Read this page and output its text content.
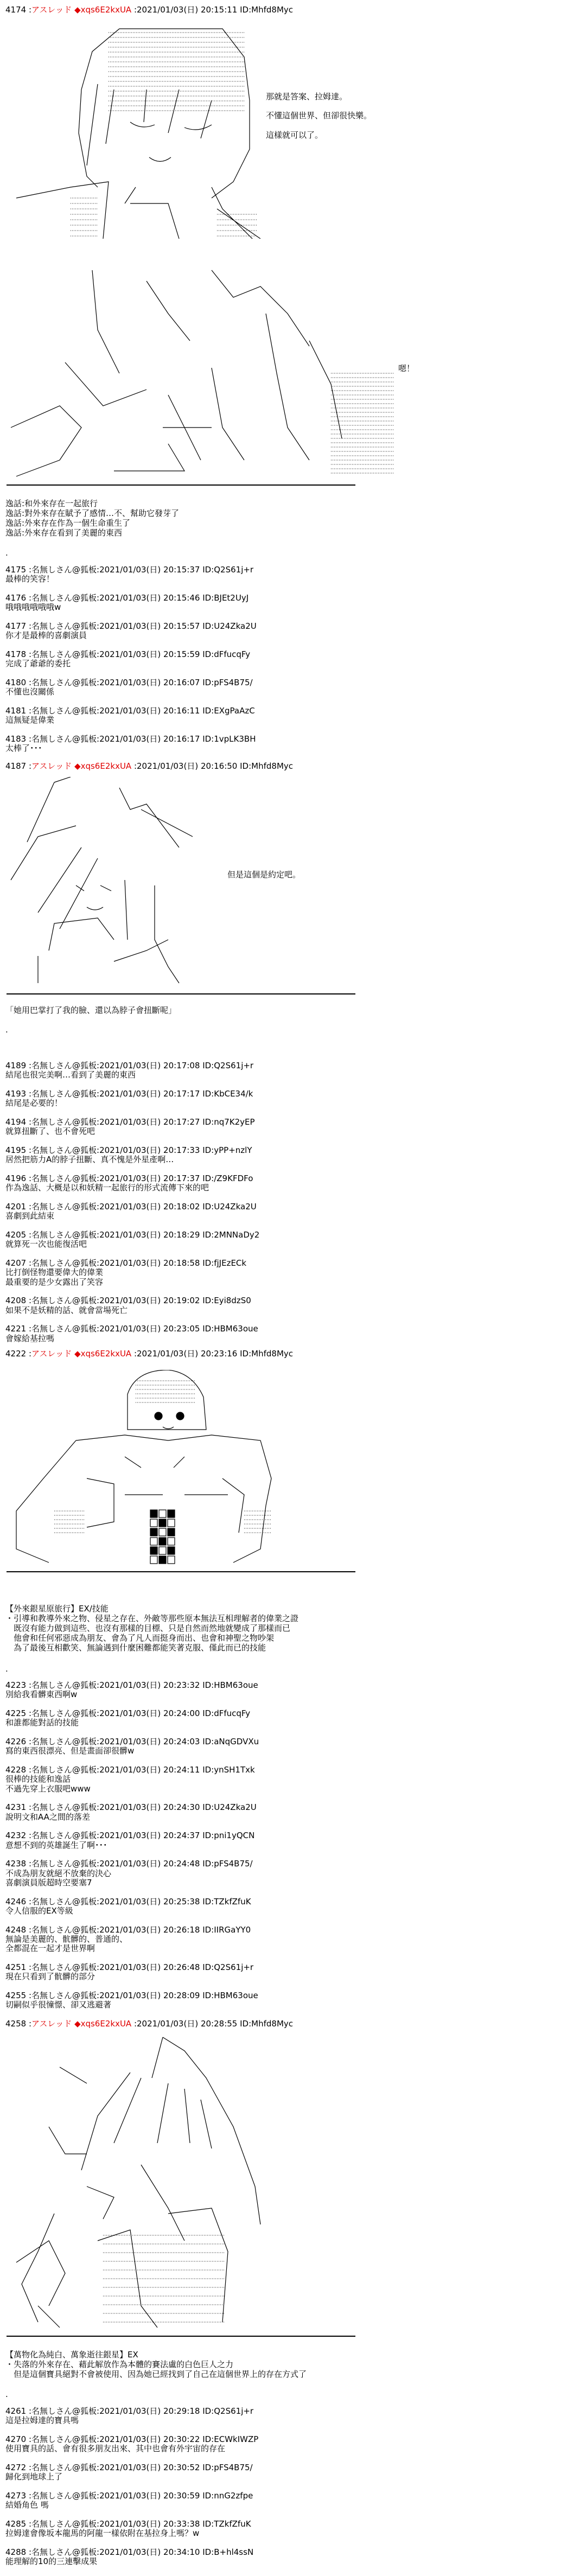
4174 :アスレッド ◆xqs6E2kxUA :2021/01/03(日) 20:15:11 ID:Mhfd8Myc
那就是答案、拉姆達。
不懂這個世界、但卻很快樂。
這樣就可以了。
嗯！
逸話:和外來存在一起旅行
逸話:對外來存在賦予了感情…不、幫助它發芽了
逸話:外來存在作為一個生命重生了
逸話:外來存在看到了美麗的東西
.
4175 :名無しさん@狐板:2021/01/03(日) 20:15:37 ID:Q2S61j+r
最棒的笑容！
4176 :名無しさん@狐板:2021/01/03(日) 20:15:46 ID:BJEt2UyJ
哦哦哦哦哦哦w
4177 :名無しさん@狐板:2021/01/03(日) 20:15:57 ID:U24Zka2U
你才是最棒的喜劇演員
4178 :名無しさん@狐板:2021/01/03(日) 20:15:59 ID:dFfucqFy
完成了爺爺的委托
4180 :名無しさん@狐板:2021/01/03(日) 20:16:07 ID:pFS4B75/
不懂也沒關係
4181 :名無しさん@狐板:2021/01/03(日) 20:16:11 ID:EXgPaAzC
這無疑是偉業
4183 :名無しさん@狐板:2021/01/03(日) 20:16:17 ID:1vpLK3BH
太棒了･･･
4187 :アスレッド ◆xqs6E2kxUA :2021/01/03(日) 20:16:50 ID:Mhfd8Myc
但是這個是約定吧。
「她用巴掌打了我的臉、還以為脖子會扭斷呢」
.
4189 :名無しさん@狐板:2021/01/03(日) 20:17:08 ID:Q2S61j+r
結尾也很完美啊…看到了美麗的東西
4193 :名無しさん@狐板:2021/01/03(日) 20:17:17 ID:KbCE34/k
結尾是必要的！
4194 :名無しさん@狐板:2021/01/03(日) 20:17:27 ID:nq7K2yEP
就算扭斷了、也不會死吧
4195 :名無しさん@狐板:2021/01/03(日) 20:17:33 ID:yPP+nzlY
居然把筋力A的脖子扭斷、真不愧是外星產啊…
4196 :名無しさん@狐板:2021/01/03(日) 20:17:37 ID:/Z9KFDFo
作為逸話、大概是以和妖精一起旅行的形式流傳下來的吧
4201 :名無しさん@狐板:2021/01/03(日) 20:18:02 ID:U24Zka2U
喜劇到此結束
4205 :名無しさん@狐板:2021/01/03(日) 20:18:29 ID:2MNNaDy2
就算死一次也能復活吧
4207 :名無しさん@狐板:2021/01/03(日) 20:18:58 ID:fjJEzECk
比打倒怪物還要偉大的偉業
最重要的是少女露出了笑容
4208 :名無しさん@狐板:2021/01/03(日) 20:19:02 ID:Eyi8dzS0
如果不是妖精的話、就會當場死亡
4221 :名無しさん@狐板:2021/01/03(日) 20:23:05 ID:HBM63oue
會嫁給基拉嗎
4222 :アスレッド ◆xqs6E2kxUA :2021/01/03(日) 20:23:16 ID:Mhfd8Myc
【外來銀星原旅行】EX/技能
・引導和教導外來之物、侵星之存在、外敵等那些原本無法互相理解者的偉業之證
　既沒有能力做到這些、也沒有那樣的目標、只是自然而然地就變成了那樣而已
　他會和任何邪惡成為朋友、會為了凡人而挺身而出、也會和神聖之物吵架
　為了最後互相歡笑、無論遇到什麼困難都能笑著克服、僅此而已的技能
.
4223 :名無しさん@狐板:2021/01/03(日) 20:23:32 ID:HBM63oue
別給我看髒東西啊w
4225 :名無しさん@狐板:2021/01/03(日) 20:24:00 ID:dFfucqFy
和誰都能對話的技能
4226 :名無しさん@狐板:2021/01/03(日) 20:24:03 ID:aNqGDVXu
寫的東西很漂亮、但是畫面卻很髒w
4228 :名無しさん@狐板:2021/01/03(日) 20:24:11 ID:ynSH1Txk
很棒的技能和逸話
不過先穿上衣服吧www
4231 :名無しさん@狐板:2021/01/03(日) 20:24:30 ID:U24Zka2U
說明文和AA之間的落差
4232 :名無しさん@狐板:2021/01/03(日) 20:24:37 ID:pni1yQCN
意想不到的英雄誕生了啊･･･
4238 :名無しさん@狐板:2021/01/03(日) 20:24:48 ID:pFS4B75/
不成為朋友就絕不放棄的決心
喜劇演員版超時空要塞7
4246 :名無しさん@狐板:2021/01/03(日) 20:25:38 ID:TZkfZfuK
令人信服的EX等級
4248 :名無しさん@狐板:2021/01/03(日) 20:26:18 ID:IIRGaYY0
無論是美麗的、骯髒的、普通的、
全都混在一起才是世界啊
4251 :名無しさん@狐板:2021/01/03(日) 20:26:48 ID:Q2S61j+r
現在只看到了骯髒的部分
4255 :名無しさん@狐板:2021/01/03(日) 20:28:09 ID:HBM63oue
切嗣似乎很憧憬、卻又逃避著
4258 :アスレッド ◆xqs6E2kxUA :2021/01/03(日) 20:28:55 ID:Mhfd8Myc
【萬物化為純白、萬象逝往銀星】EX
・失落的外來存在、藉此解放作為本體的賽法盧的白色巨人之力
　但是這個寶具絕對不會被使用、因為她已經找到了自己在這個世界上的存在方式了
.
4261 :名無しさん@狐板:2021/01/03(日) 20:29:18 ID:Q2S61j+r
這是拉姆達的寶具嗎
4270 :名無しさん@狐板:2021/01/03(日) 20:30:22 ID:ECWkIWZP
使用寶具的話、會有很多朋友出來、其中也會有外宇宙的存在
4272 :名無しさん@狐板:2021/01/03(日) 20:30:52 ID:pFS4B75/
歸化到地球上了
4273 :名無しさん@狐板:2021/01/03(日) 20:30:59 ID:nnG2zfpe
結婚角色 嗎
4285 :名無しさん@狐板:2021/01/03(日) 20:33:38 ID:TZkfZfuK
拉姆達會像坂本龍馬的阿龍一樣依附在基拉身上嗎？w
4288 :名無しさん@狐板:2021/01/03(日) 20:34:10 ID:B+hl4ssN
能理解的10的三連擊成果
